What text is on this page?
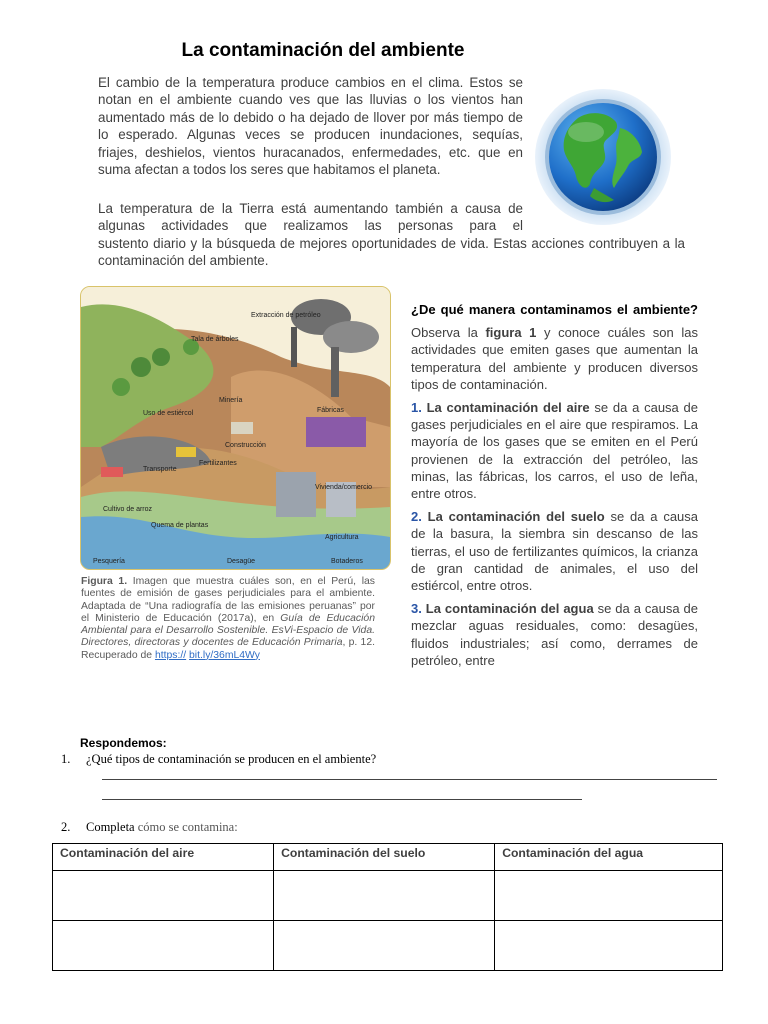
La contaminación del ambiente
El cambio de la temperatura produce cambios en el clima. Estos se notan en el ambiente cuando ves que las lluvias o los vientos han aumentado más de lo debido o ha dejado de llover por más tiempo de lo esperado. Algunas veces se producen inundaciones, sequías, friajes, deshielos, vientos huracanados, enfermedades, etc. que en suma afectan a todos los seres que habitamos el planeta.
La temperatura de la Tierra está aumentando también a causa de algunas actividades que realizamos las personas para el
sustento diario y la búsqueda de mejores oportunidades de vida. Estas acciones contribuyen a la contaminación del ambiente.
Extracción de petróleo
Tala de árboles
Minería
Fábricas
Uso de estiércol
Construcción
Fertilizantes
Transporte
Vivienda/comercio
Cultivo de arroz
Quema de plantas
Agricultura
Pesquería	Desagüe	Botaderos
Figura 1. Imagen que muestra cuáles son, en el Perú, las fuentes de emisión de gases perjudiciales para el ambiente. Adaptada de “Una radiografía de las emisiones peruanas” por el Ministerio de Educación (2017a), en Guía de Educación Ambiental para el Desarrollo Sostenible. EsVi-Espacio de Vida. Directores, directoras y docentes de Educación Primaria, p. 12. Recuperado de https:// bit.ly/36mL4Wy

¿De qué manera contaminamos el ambiente?

Observa la figura 1 y conoce cuáles son las actividades que emiten gases que aumentan la temperatura del ambiente y producen diversos tipos de contaminación.

1. La contaminación del aire se da a causa de gases perjudiciales en el aire que respiramos. La mayoría de los gases que se emiten en el Perú provienen de la extracción del petróleo, las minas, las fábricas, los carros, el uso de leña, entre otros.

2. La contaminación del suelo se da a causa de la basura, la siembra sin descanso de las tierras, el uso de fertilizantes químicos, la crianza de gran cantidad de animales, el uso del estiércol, entre otros.

3. La contaminación del agua se da a causa de mezclar aguas residuales, como: desagües, fluidos industriales; así como, derrames de petróleo, entre

Respondemos:
1. ¿Qué tipos de contaminación se producen en el ambiente?
2. Completa cómo se contamina:
Contaminación del aire	Contaminación del suelo	Contaminación del agua
